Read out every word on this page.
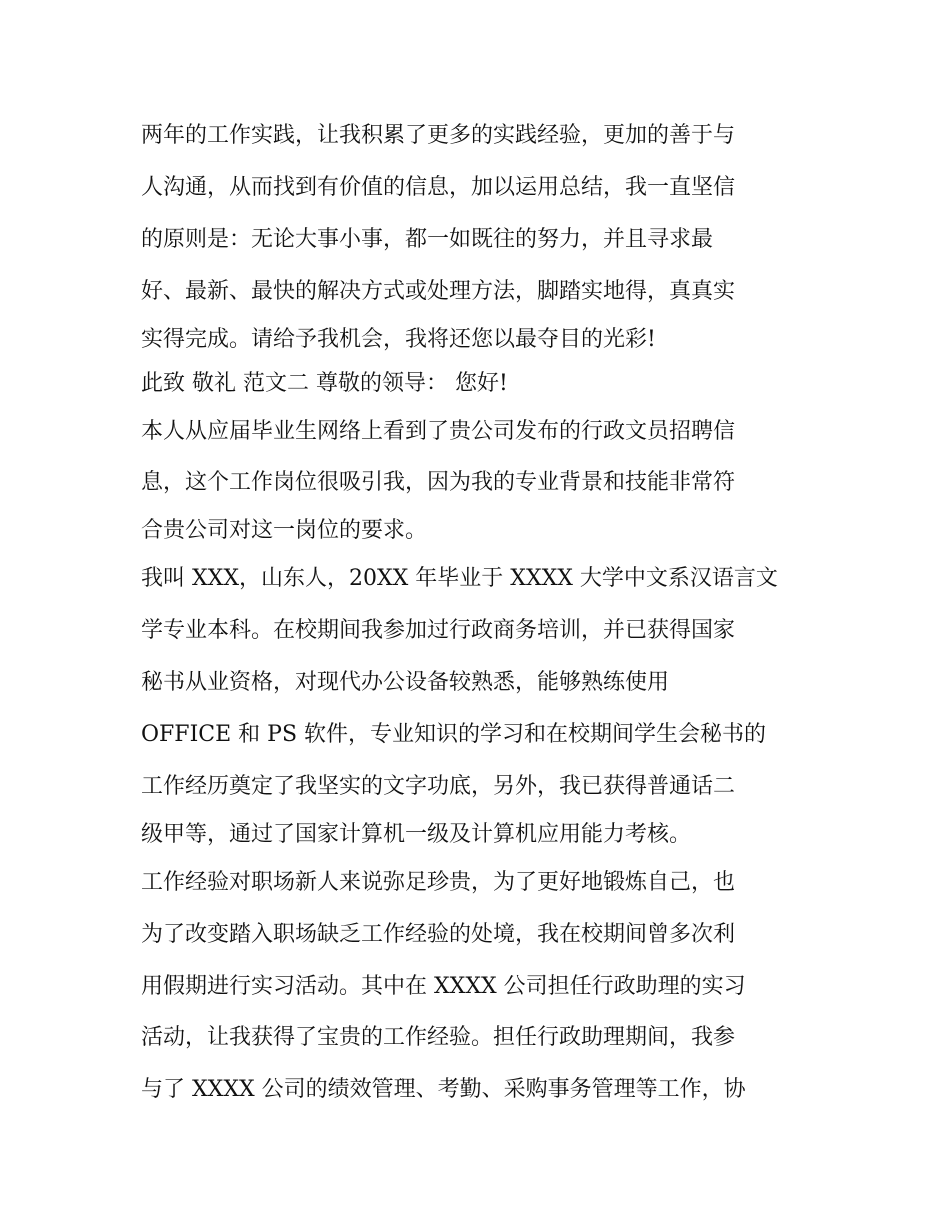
两年的工作实践，让我积累了更多的实践经验，更加的善于与
人沟通，从而找到有价值的信息，加以运用总结，我一直坚信
的原则是：无论大事小事，都一如既往的努力，并且寻求最
好、最新、最快的解决方式或处理方法，脚踏实地得，真真实
实得完成。请给予我机会，我将还您以最夺目的光彩!
此致 敬礼 范文二 尊敬的领导： 您好!
本人从应届毕业生网络上看到了贵公司发布的行政文员招聘信
息，这个工作岗位很吸引我，因为我的专业背景和技能非常符
合贵公司对这一岗位的要求。
我叫 XXX，山东人，20XX 年毕业于 XXXX 大学中文系汉语言文
学专业本科。在校期间我参加过行政商务培训，并已获得国家
秘书从业资格，对现代办公设备较熟悉，能够熟练使用
OFFICE 和 PS 软件，专业知识的学习和在校期间学生会秘书的
工作经历奠定了我坚实的文字功底，另外，我已获得普通话二
级甲等，通过了国家计算机一级及计算机应用能力考核。
工作经验对职场新人来说弥足珍贵，为了更好地锻炼自己，也
为了改变踏入职场缺乏工作经验的处境，我在校期间曾多次利
用假期进行实习活动。其中在 XXXX 公司担任行政助理的实习
活动，让我获得了宝贵的工作经验。担任行政助理期间，我参
与了 XXXX 公司的绩效管理、考勤、采购事务管理等工作，协
